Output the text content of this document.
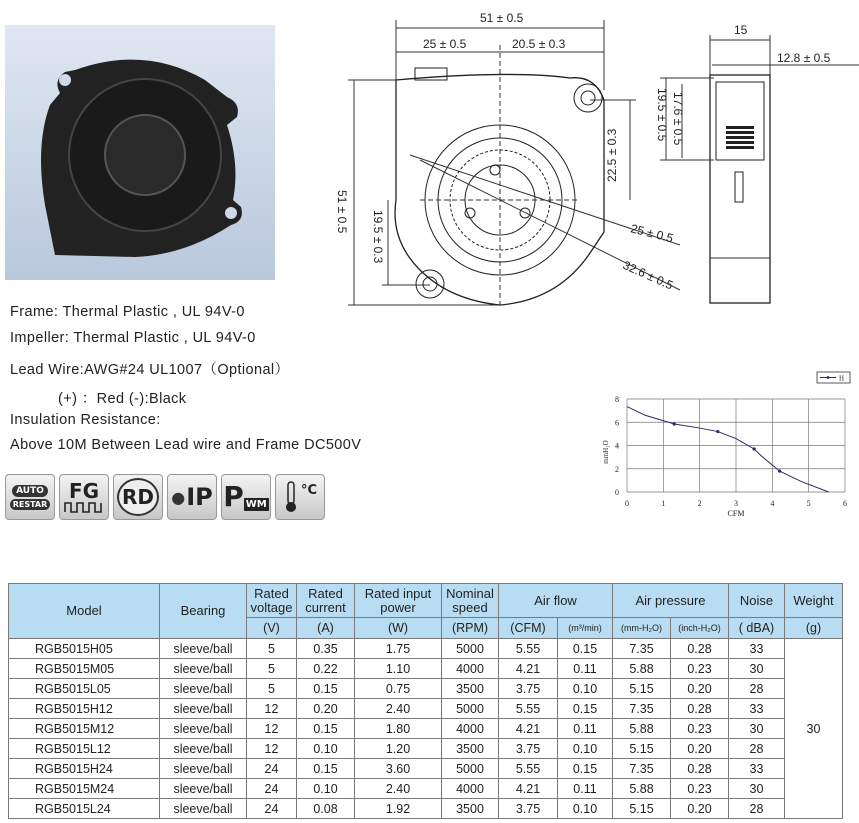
Frame: Thermal Plastic , UL 94V-0
Impeller: Thermal Plastic , UL 94V-0
Lead Wire:AWG#24 UL1007（Optional）
(+) ：Red (-):Black
Insulation Resistance:
Above 10M Between Lead wire and Frame DC500V
AUTO
RESTAR
FG RD	● IP P WM
°C
51 ± 0.5
25 ± 0.5	20.5 ± 0.3
25 ± 0.5
32.6 ± 0.5
15
12.8 ± 0.5
51 ± 0.5 19.5 ± 0.3
22.5 ± 0.3
19.5 ± 0.5 17.6 ± 0.5
0	1	2	3	4	5	6
0
2
4
6
8
CFM
mmH₂O
H
Model	Bearing	Rated voltage	Rated current	Rated input power	Nominal speed	Air flow		Air pressure		Noise	Weight
		(V)	(A)	(W)	(RPM)	(CFM)	(m³/min)	(mm-H₂O)	(inch-H₂O)	( dBA)	(g)
RGB5015H05	sleeve/ball	5	0.35	1.75	5000	5.55	0.15	7.35	0.28	33	30
RGB5015M05	sleeve/ball	5	0.22	1.10	4000	4.21	0.11	5.88	0.23	30	
RGB5015L05	sleeve/ball	5	0.15	0.75	3500	3.75	0.10	5.15	0.20	28	
RGB5015H12	sleeve/ball	12	0.20	2.40	5000	5.55	0.15	7.35	0.28	33	
RGB5015M12	sleeve/ball	12	0.15	1.80	4000	4.21	0.11	5.88	0.23	30	
RGB5015L12	sleeve/ball	12	0.10	1.20	3500	3.75	0.10	5.15	0.20	28	
RGB5015H24	sleeve/ball	24	0.15	3.60	5000	5.55	0.15	7.35	0.28	33	
RGB5015M24	sleeve/ball	24	0.10	2.40	4000	4.21	0.11	5.88	0.23	30	
RGB5015L24	sleeve/ball	24	0.08	1.92	3500	3.75	0.10	5.15	0.20	28	
